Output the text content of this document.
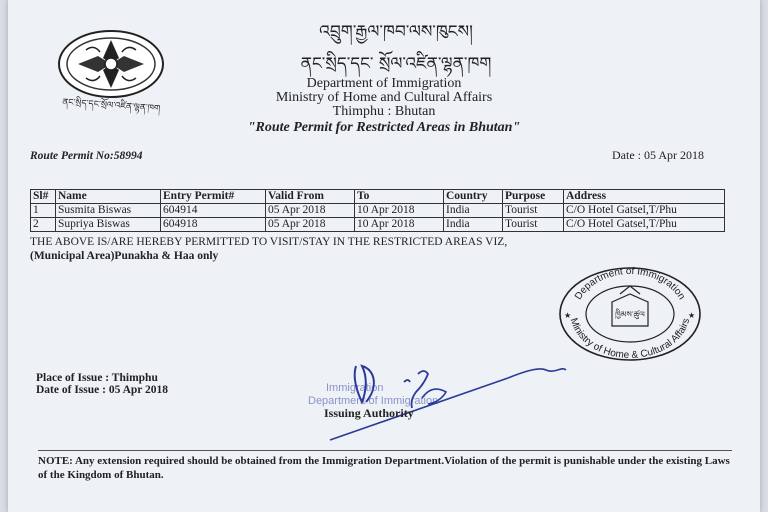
ནང་སྲིད་དང་སྲོལ་འཛིན་ལྷན་ཁག
འབྲུག་རྒྱལ་ཁབ་ལས་ཁུངས།
ནང་སྲིད་དང་ སྲོལ་འཛིན་ལྷན་ཁག
Department of Immigration
Ministry of Home and Cultural Affairs
Thimphu : Bhutan
"Route Permit for Restricted Areas in Bhutan"
Route Permit No:58994	Date : 05 Apr 2018
Sl#	Name	Entry Permit#	Valid From	To	Country	Purpose	Address
1	Susmita Biswas	604914	05 Apr 2018	10 Apr 2018	India	Tourist	C/O Hotel Gatsel,T/Phu
2	Supriya Biswas	604918	05 Apr 2018	10 Apr 2018	India	Tourist	C/O Hotel Gatsel,T/Phu
THE ABOVE IS/ARE HEREBY PERMITTED TO VISIT/STAY IN THE RESTRICTED AREAS VIZ,
(Municipal Area)Punakha & Haa only
Department of Immigration
Ministry of Home & Cultural Affairs
ཁྱིམས་ཚུལ
★	★
Place of Issue : Thimphu
Date of Issue : 05 Apr 2018	Immigration
Department of Immigration
Issuing Authority
NOTE: Any extension required should be obtained from the Immigration Department.Violation of the permit is punishable under the existing Laws of the Kingdom of Bhutan.
